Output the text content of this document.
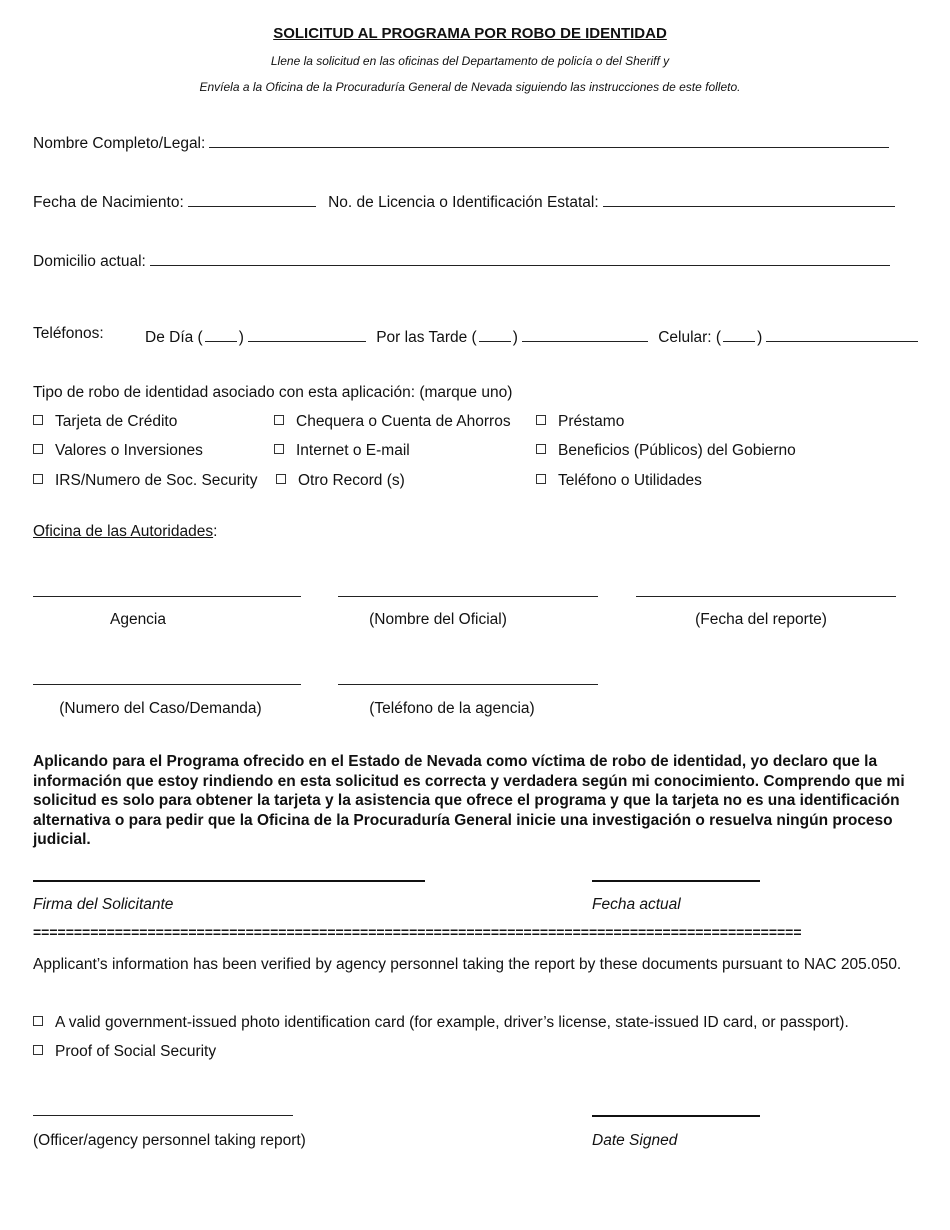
SOLICITUD AL PROGRAMA POR ROBO DE IDENTIDAD
Llene la solicitud en las oficinas del Departamento de policía o del Sheriff y
Envíela a la Oficina de la Procuraduría General de Nevada siguiendo las instrucciones de este folleto.
Nombre Completo/Legal:
Fecha de Nacimiento:	No. de Licencia o Identificación Estatal:
Domicilio actual:
Teléfonos:	De Día ( )	Por las Tarde ( )	Celular: ( )
Tipo de robo de identidad asociado con esta aplicación: (marque uno)
Tarjeta de Crédito	Chequera o Cuenta de Ahorros	Préstamo
Valores o Inversiones	Internet o E-mail	Beneficios (Públicos) del Gobierno
IRS/Numero de Soc. Security	Otro Record (s)	Teléfono o Utilidades
Oficina de las Autoridades:
Agencia	(Nombre del Oficial)	(Fecha del reporte)
(Numero del Caso/Demanda)	(Teléfono de la agencia)
Aplicando para el Programa ofrecido en el Estado de Nevada como víctima de robo de identidad, yo declaro que la información que estoy rindiendo en esta solicitud es correcta y verdadera según mi conocimiento. Comprendo que mi solicitud es solo para obtener la tarjeta y la asistencia que ofrece el programa y que la tarjeta no es una identificación alternativa o para pedir que la Oficina de la Procuraduría General inicie una investigación o resuelva ningún proceso judicial.
Firma del Solicitante	Fecha actual
==============================================================================================
Applicant’s information has been verified by agency personnel taking the report by these documents pursuant to NAC 205.050.
A valid government-issued photo identification card (for example, driver’s license, state-issued ID card, or passport).
Proof of Social Security
(Officer/agency personnel taking report)	Date Signed
